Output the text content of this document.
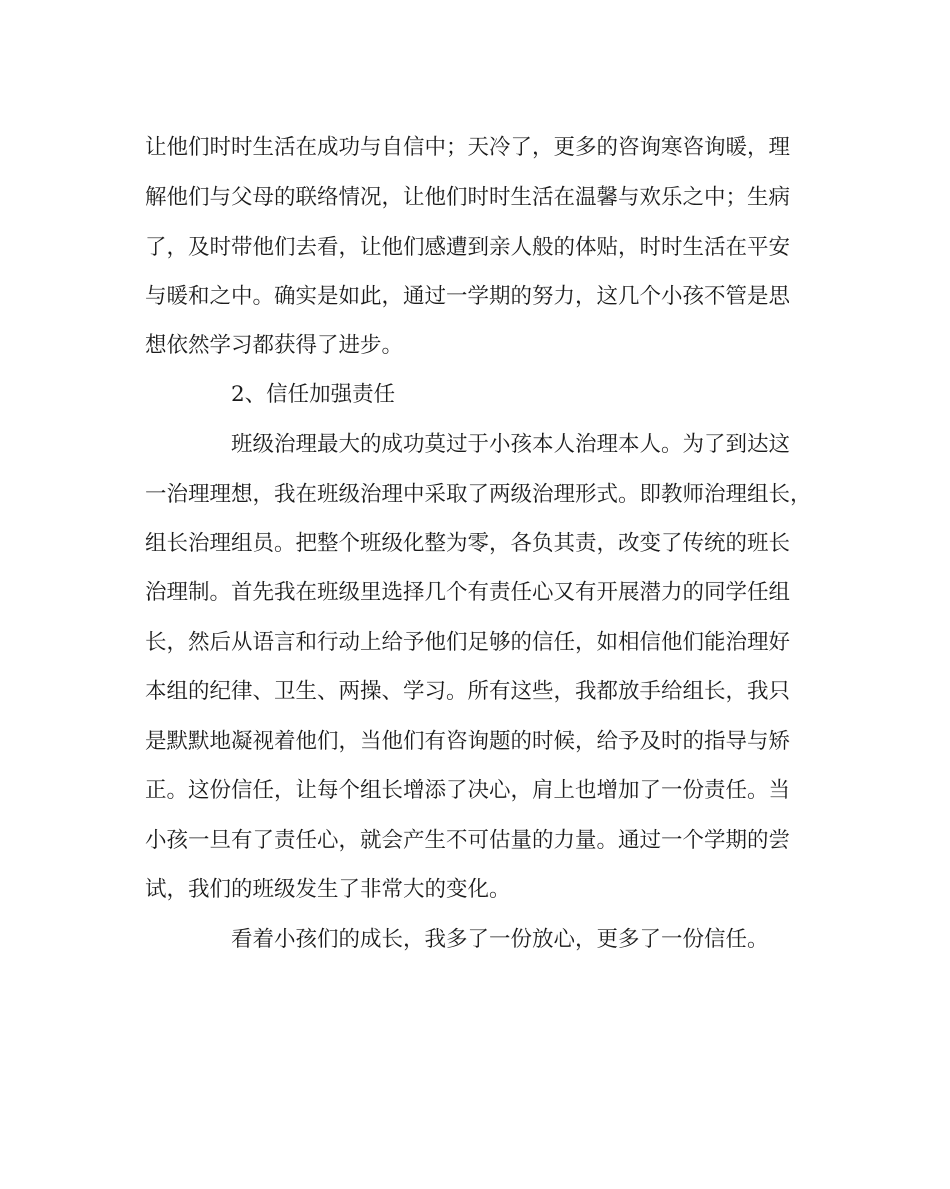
让他们时时生活在成功与自信中；天冷了，更多的咨询寒咨询暖，理

解他们与父母的联络情况，让他们时时生活在温馨与欢乐之中；生病

了，及时带他们去看，让他们感遭到亲人般的体贴，时时生活在平安

与暖和之中。确实是如此，通过一学期的努力，这几个小孩不管是思

想依然学习都获得了进步。

2、信任加强责任

班级治理最大的成功莫过于小孩本人治理本人。为了到达这

一治理理想，我在班级治理中采取了两级治理形式。即教师治理组长，

组长治理组员。把整个班级化整为零，各负其责，改变了传统的班长

治理制。首先我在班级里选择几个有责任心又有开展潜力的同学任组

长，然后从语言和行动上给予他们足够的信任，如相信他们能治理好

本组的纪律、卫生、两操、学习。所有这些，我都放手给组长，我只

是默默地凝视着他们，当他们有咨询题的时候，给予及时的指导与矫

正。这份信任，让每个组长增添了决心，肩上也增加了一份责任。当

小孩一旦有了责任心，就会产生不可估量的力量。通过一个学期的尝

试，我们的班级发生了非常大的变化。

看着小孩们的成长，我多了一份放心，更多了一份信任。
